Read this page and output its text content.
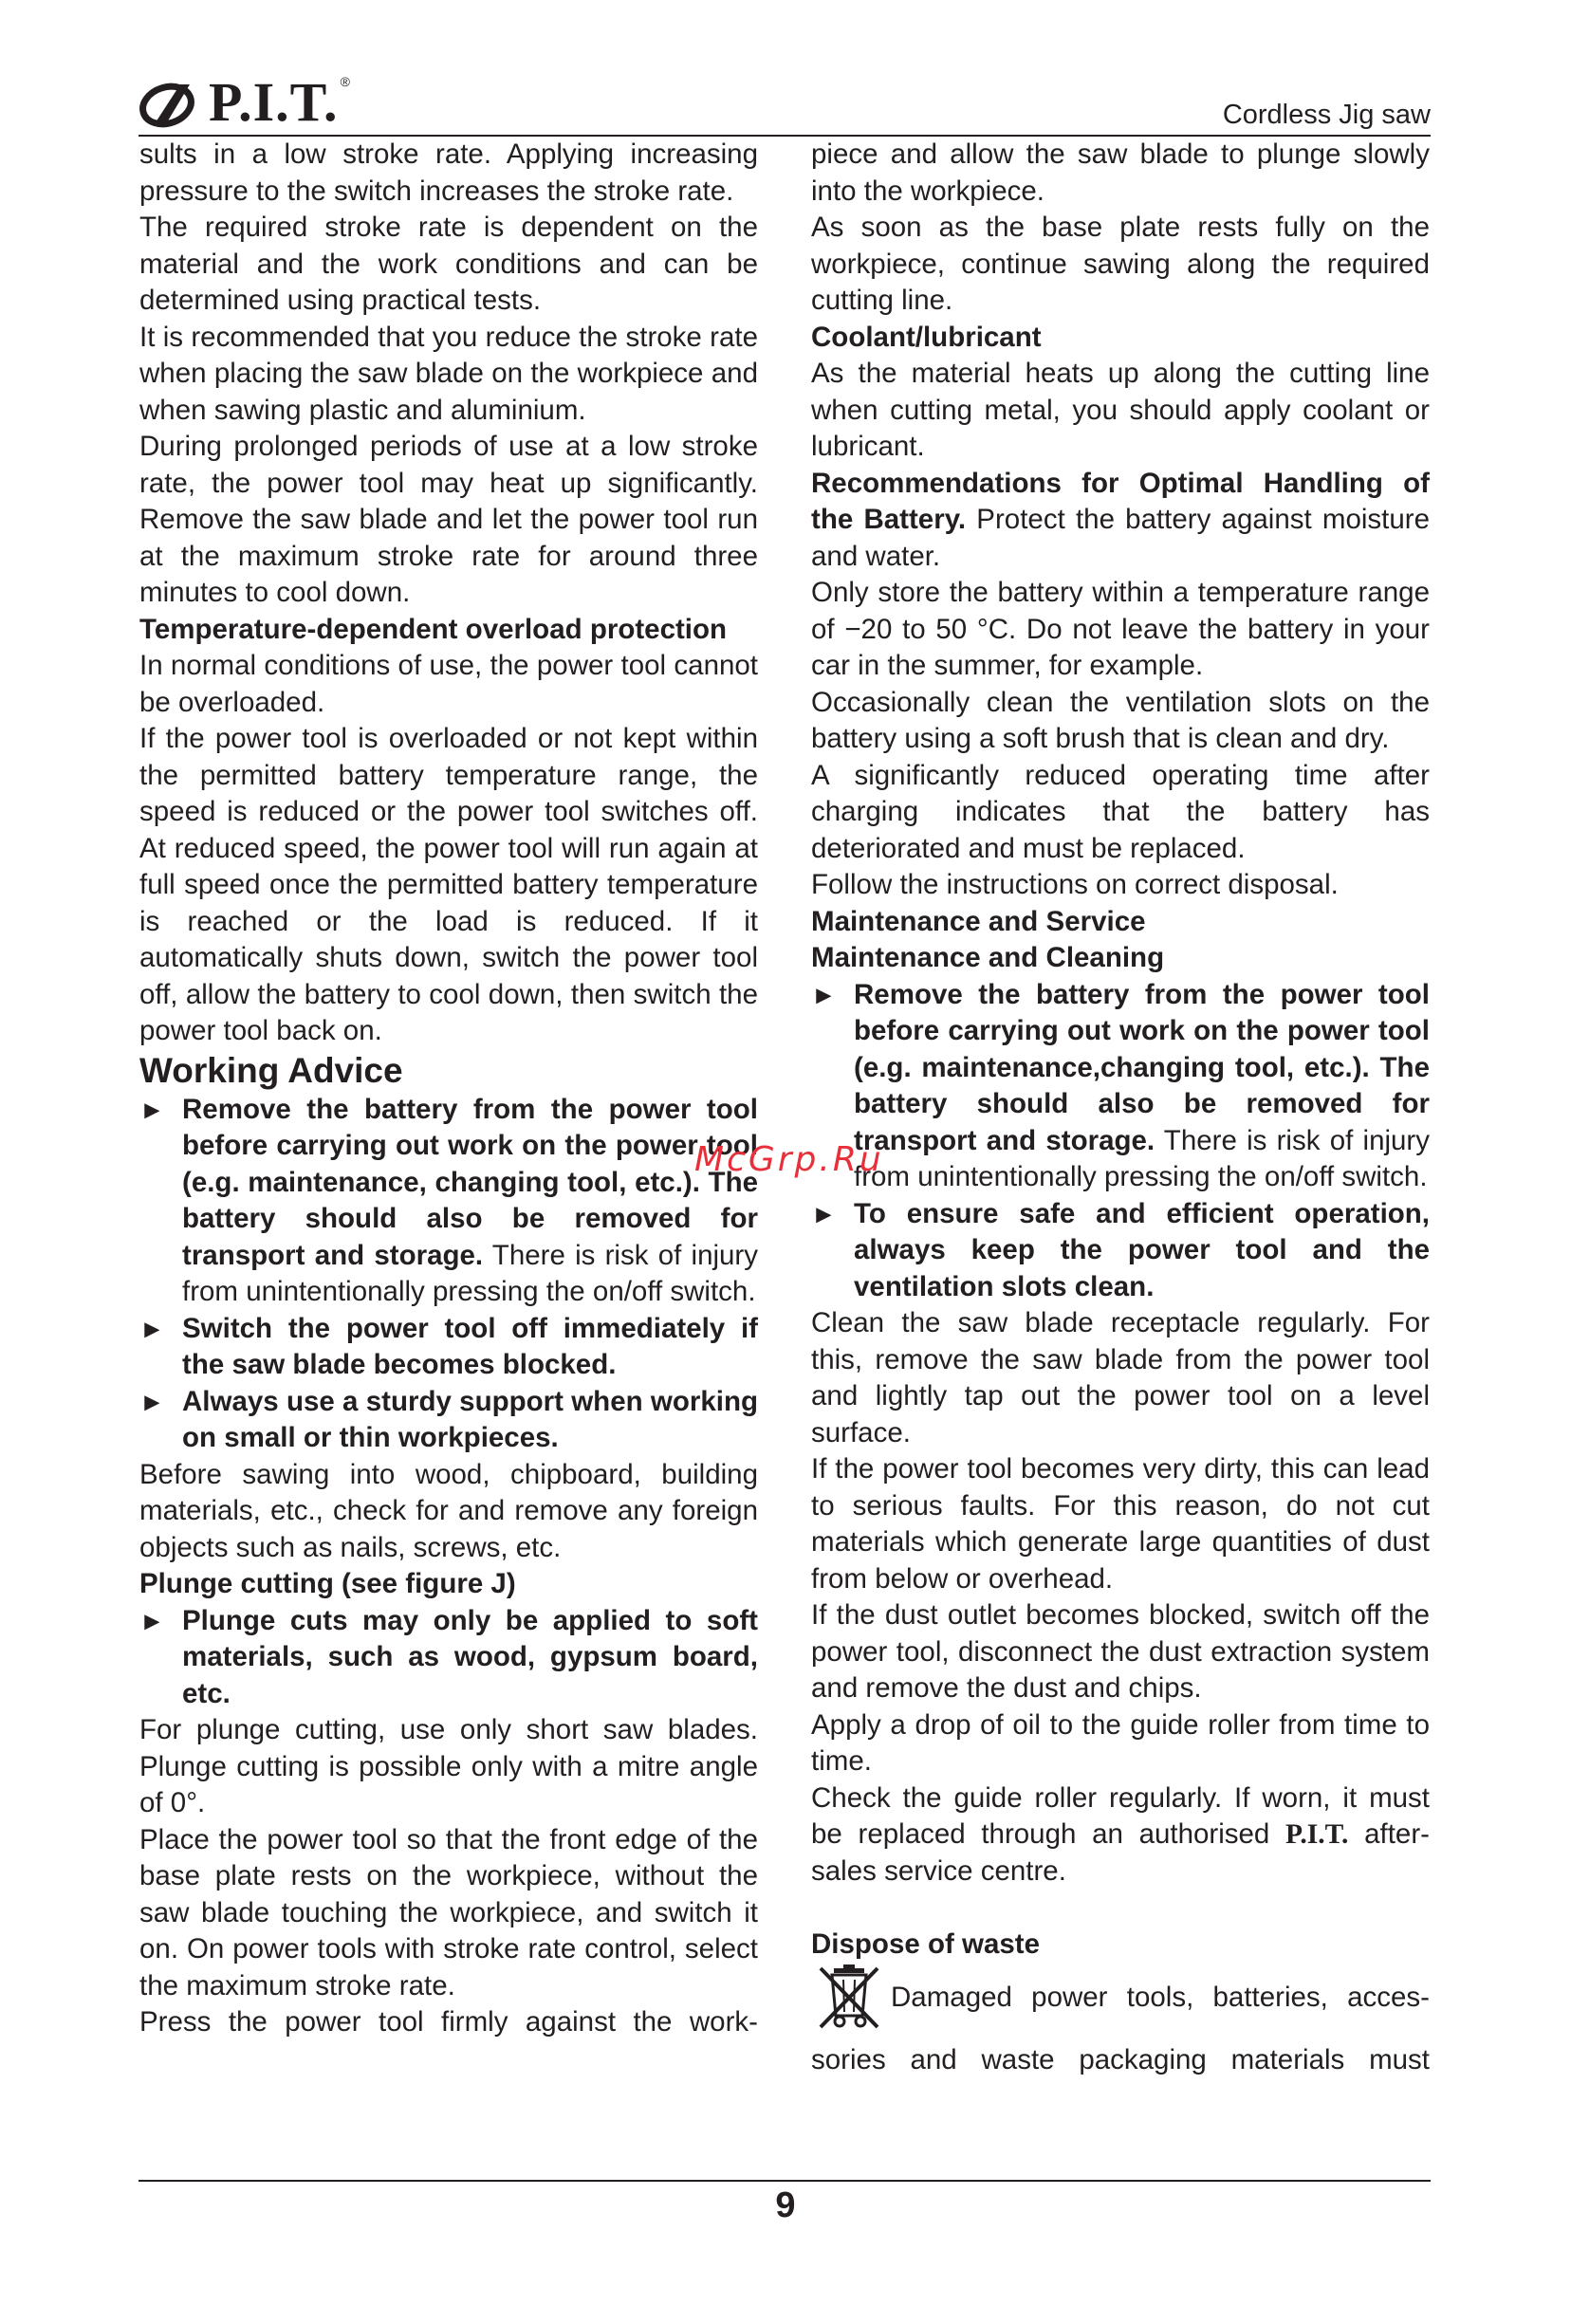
P.I.T. ®
Cordless Jig saw

sults in a low stroke rate. Applying increasing pressure to the switch increases the stroke rate.

The required stroke rate is dependent on the material and the work conditions and can be determined using practical tests.

It is recommended that you reduce the stroke rate when placing the saw blade on the workpiece and when sawing plastic and aluminium.

During prolonged periods of use at a low stroke rate, the power tool may heat up significantly. Remove the saw blade and let the power tool run at the maximum stroke rate for around three minutes to cool down.

Temperature-dependent overload protection

In normal conditions of use, the power tool cannot be overloaded.

If the power tool is overloaded or not kept within the permitted battery temperature range, the speed is reduced or the power tool switches off. At reduced speed, the power tool will run again at full speed once the permitted battery temperature is reached or the load is reduced. If it automatically shuts down, switch the power tool off, allow the battery to cool down, then switch the power tool back on.

Working Advice

► Remove the battery from the power tool before carrying out work on the power tool (e.g. maintenance, changing tool, etc.). The battery should also be removed for transport and storage. There is risk of injury from unintentionally pressing the on/off switch.
► Switch the power tool off immediately if the saw blade becomes blocked.
► Always use a sturdy support when working on small or thin workpieces.

Before sawing into wood, chipboard, building materials, etc., check for and remove any foreign objects such as nails, screws, etc.

Plunge cutting (see figure J)

► Plunge cuts may only be applied to soft materials, such as wood, gypsum board, etc.

For plunge cutting, use only short saw blades. Plunge cutting is possible only with a mitre angle of 0°.

Place the power tool so that the front edge of the base plate rests on the workpiece, without the saw blade touching the workpiece, and switch it on. On power tools with stroke rate control, select the maximum stroke rate.

Press the power tool firmly against the work-

piece and allow the saw blade to plunge slowly into the workpiece.

As soon as the base plate rests fully on the workpiece, continue sawing along the required cutting line.

Coolant/lubricant

As the material heats up along the cutting line when cutting metal, you should apply coolant or lubricant.

Recommendations for Optimal Handling of the Battery. Protect the battery against moisture and water.

Only store the battery within a temperature range of −20 to 50 °C. Do not leave the battery in your car in the summer, for example.

Occasionally clean the ventilation slots on the battery using a soft brush that is clean and dry.

A significantly reduced operating time after charging indicates that the battery has deteriorated and must be replaced.

Follow the instructions on correct disposal.

Maintenance and Service

Maintenance and Cleaning

► Remove the battery from the power tool before carrying out work on the power tool (e.g. maintenance,changing tool, etc.). The battery should also be removed for transport and storage. There is risk of injury from unintentionally pressing the on/off switch.
► To ensure safe and efficient operation, always keep the power tool and the ventilation slots clean.

Clean the saw blade receptacle regularly. For this, remove the saw blade from the power tool and lightly tap out the power tool on a level surface.

If the power tool becomes very dirty, this can lead to serious faults. For this reason, do not cut materials which generate large quantities of dust from below or overhead.

If the dust outlet becomes blocked, switch off the power tool, disconnect the dust extraction system and remove the dust and chips.

Apply a drop of oil to the guide roller from time to time.

Check the guide roller regularly. If worn, it must be replaced through an authorised P.I.T. after-sales service centre.

Dispose of waste

Damaged power tools, batteries, acces-

sories and waste packaging materials must

McGrp.Ru
9
